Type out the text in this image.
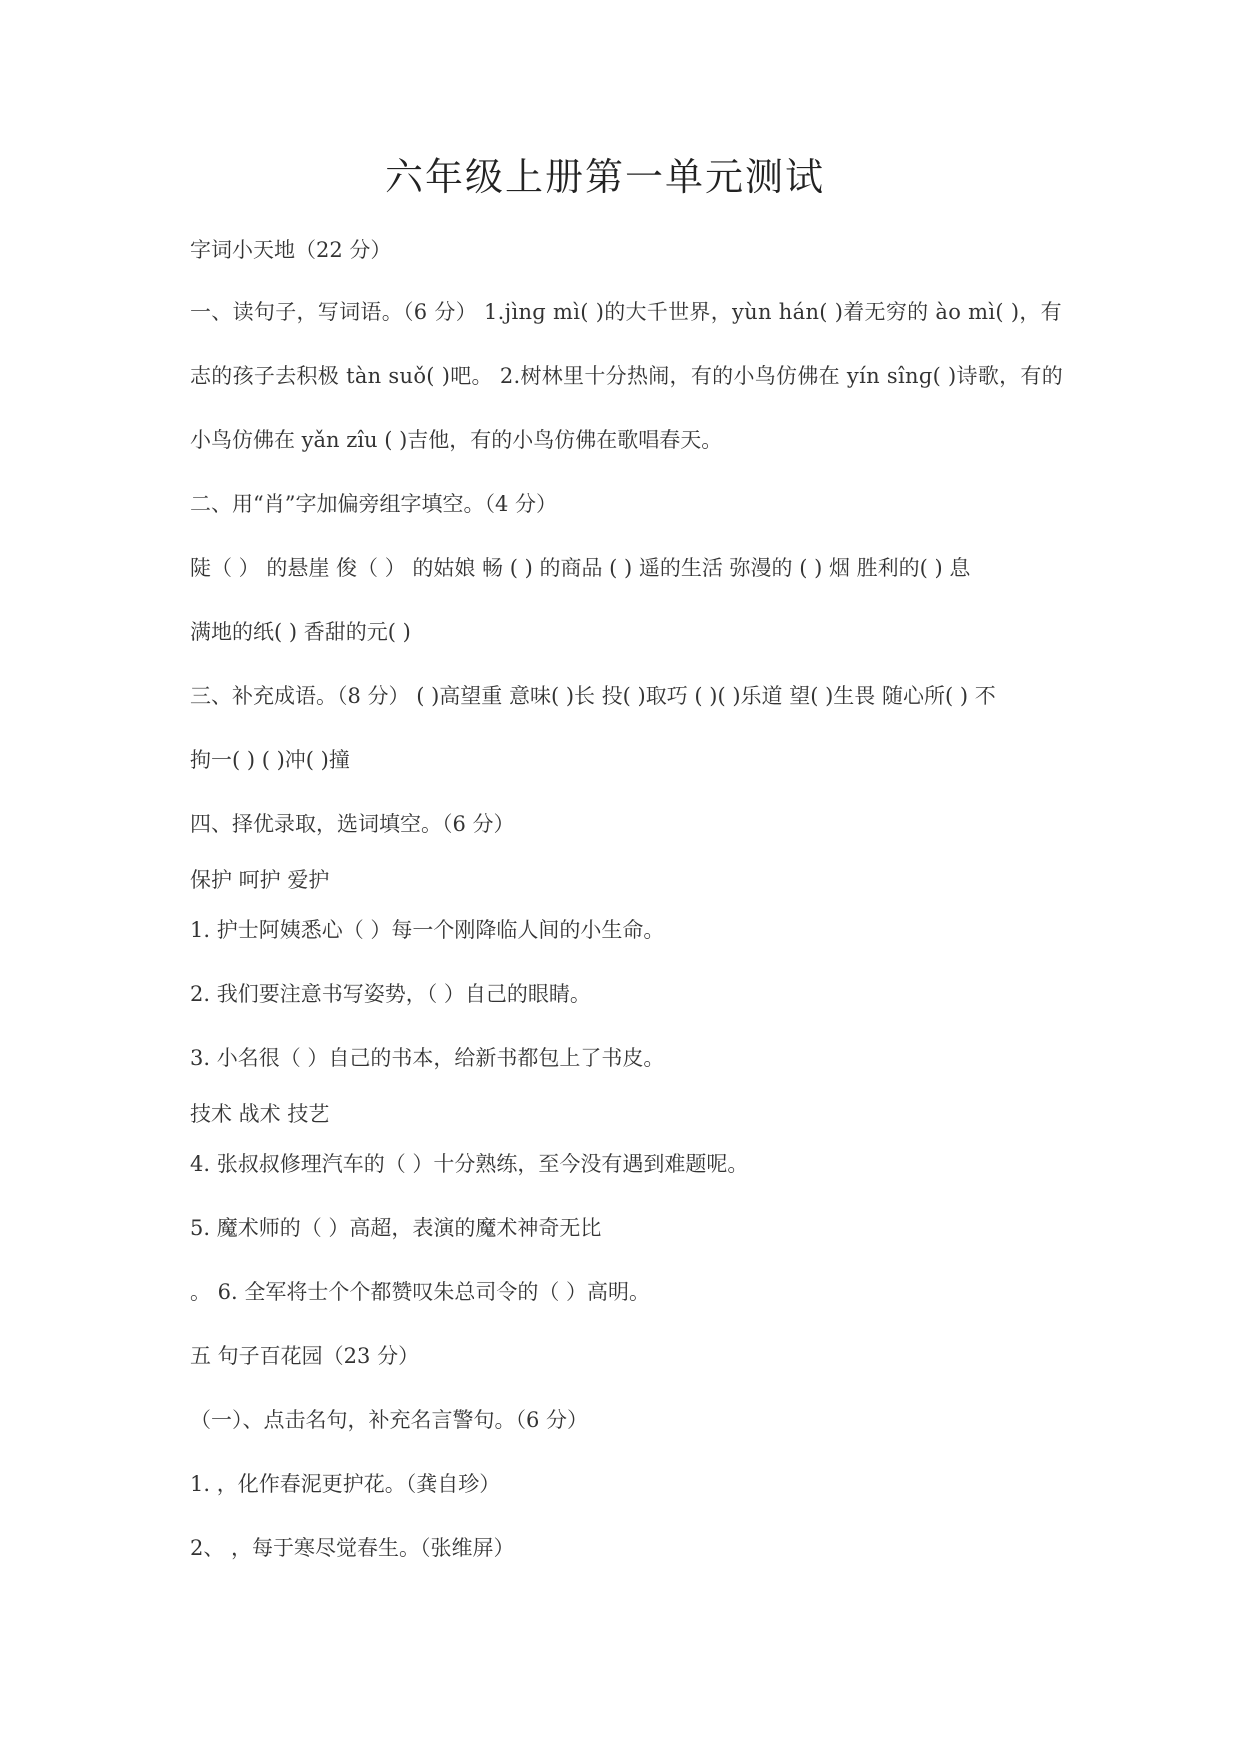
六年级上册第一单元测试
字词小天地（22 分）
一、读句子，写词语。（6 分） 1.jìnɡ mì( )的大千世界，yùn hán( )着无穷的 ào mì( )，有
志的孩子去积极 tàn suǒ( )吧。 2.树林里十分热闹，有的小鸟仿佛在 yín sînɡ( )诗歌，有的
小鸟仿佛在 yǎn zîu ( )吉他，有的小鸟仿佛在歌唱春天。
二、用“肖”字加偏旁组字填空。（4 分）
陡（ ） 的悬崖 俊（ ） 的姑娘 畅 ( ) 的商品 ( ) 遥的生活 弥漫的 ( ) 烟 胜利的( ) 息
满地的纸( ) 香甜的元( )
三、补充成语。（8 分） ( )高望重 意味( )长 投( )取巧 ( )( )乐道 望( )生畏 随心所( ) 不
拘一( ) ( )冲( )撞
四、择优录取，选词填空。（6 分）
保护 呵护 爱护
1. 护士阿姨悉心（ ）每一个刚降临人间的小生命。
2. 我们要注意书写姿势，（ ）自己的眼睛。
3. 小名很（ ）自己的书本，给新书都包上了书皮。
技术 战术 技艺
4. 张叔叔修理汽车的（ ）十分熟练，至今没有遇到难题呢。
5. 魔术师的（ ）高超，表演的魔术神奇无比
。 6. 全军将士个个都赞叹朱总司令的（ ）高明。
五 句子百花园（23 分）
（一）、点击名句，补充名言警句。（6 分）
1. ，化作春泥更护花。（龚自珍）
2、 ，每于寒尽觉春生。（张维屏）
